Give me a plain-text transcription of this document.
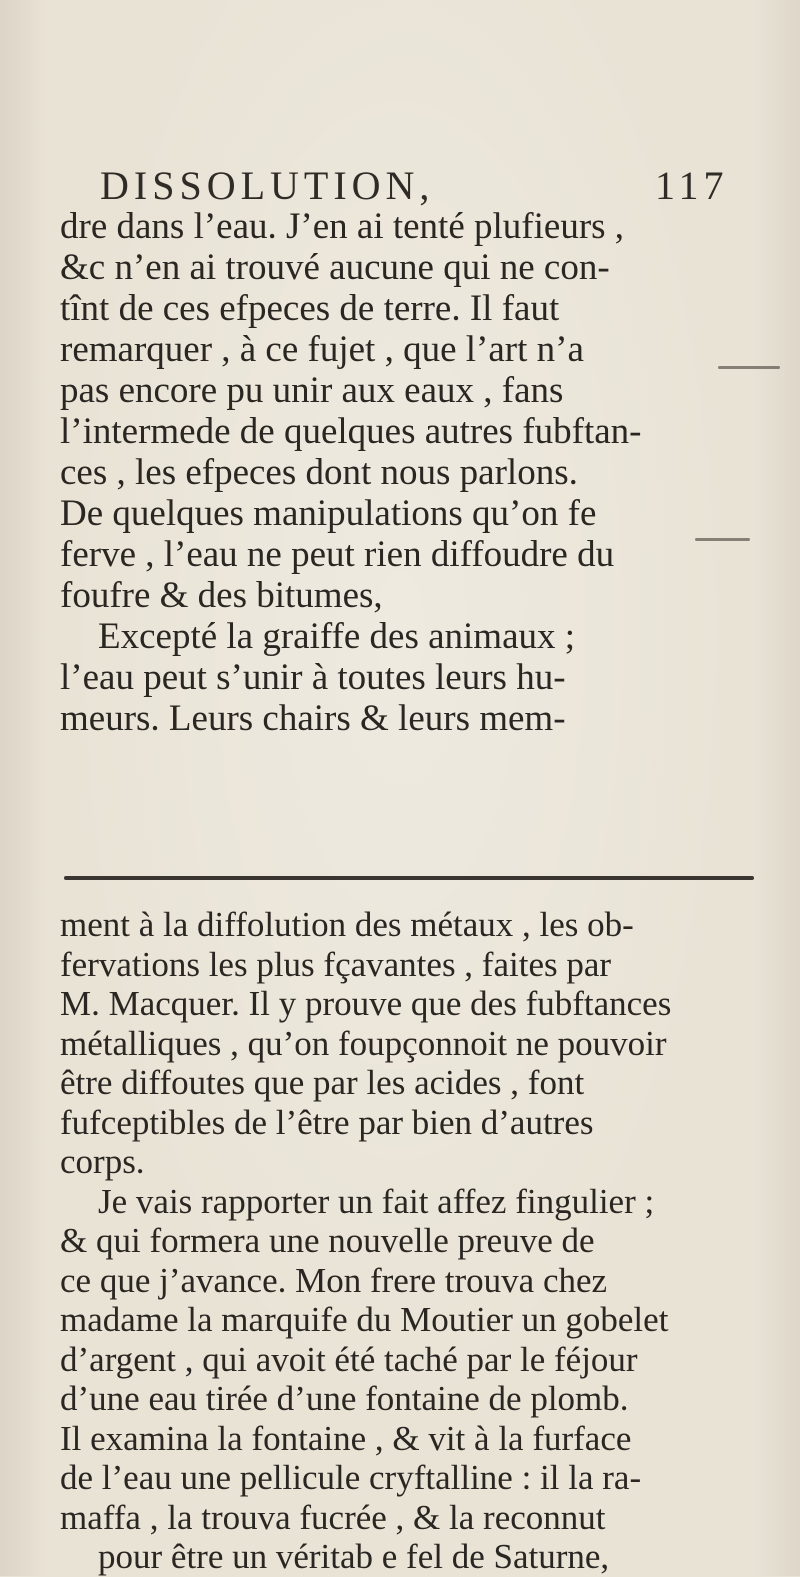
DISSOLUTION,	117
dre dans l’eau. J’en ai tenté plufieurs ,
&c n’en ai trouvé aucune qui ne con-
tînt de ces efpeces de terre. Il faut
remarquer , à ce fujet , que l’art n’a
pas encore pu unir aux eaux , fans
l’intermede de quelques autres fubftan-
ces , les efpeces dont nous parlons.
De quelques manipulations qu’on fe
ferve , l’eau ne peut rien diffoudre du
foufre & des bitumes,
Excepté la graiffe des animaux ;
l’eau peut s’unir à toutes leurs hu-
meurs. Leurs chairs & leurs mem-
ment à la diffolution des métaux , les ob-
fervations les plus fçavantes , faites par
M. Macquer. Il y prouve que des fubftances
métalliques , qu’on foupçonnoit ne pouvoir
être diffoutes que par les acides , font
fufceptibles de l’être par bien d’autres
corps.
Je vais rapporter un fait affez fingulier ;
& qui formera une nouvelle preuve de
ce que j’avance. Mon frere trouva chez
madame la marquife du Moutier un gobelet
d’argent , qui avoit été taché par le féjour
d’une eau tirée d’une fontaine de plomb.
Il examina la fontaine , & vit à la furface
de l’eau une pellicule cryftalline : il la ra-
maffa , la trouva fucrée , & la reconnut
pour être un véritab e fel de Saturne,
